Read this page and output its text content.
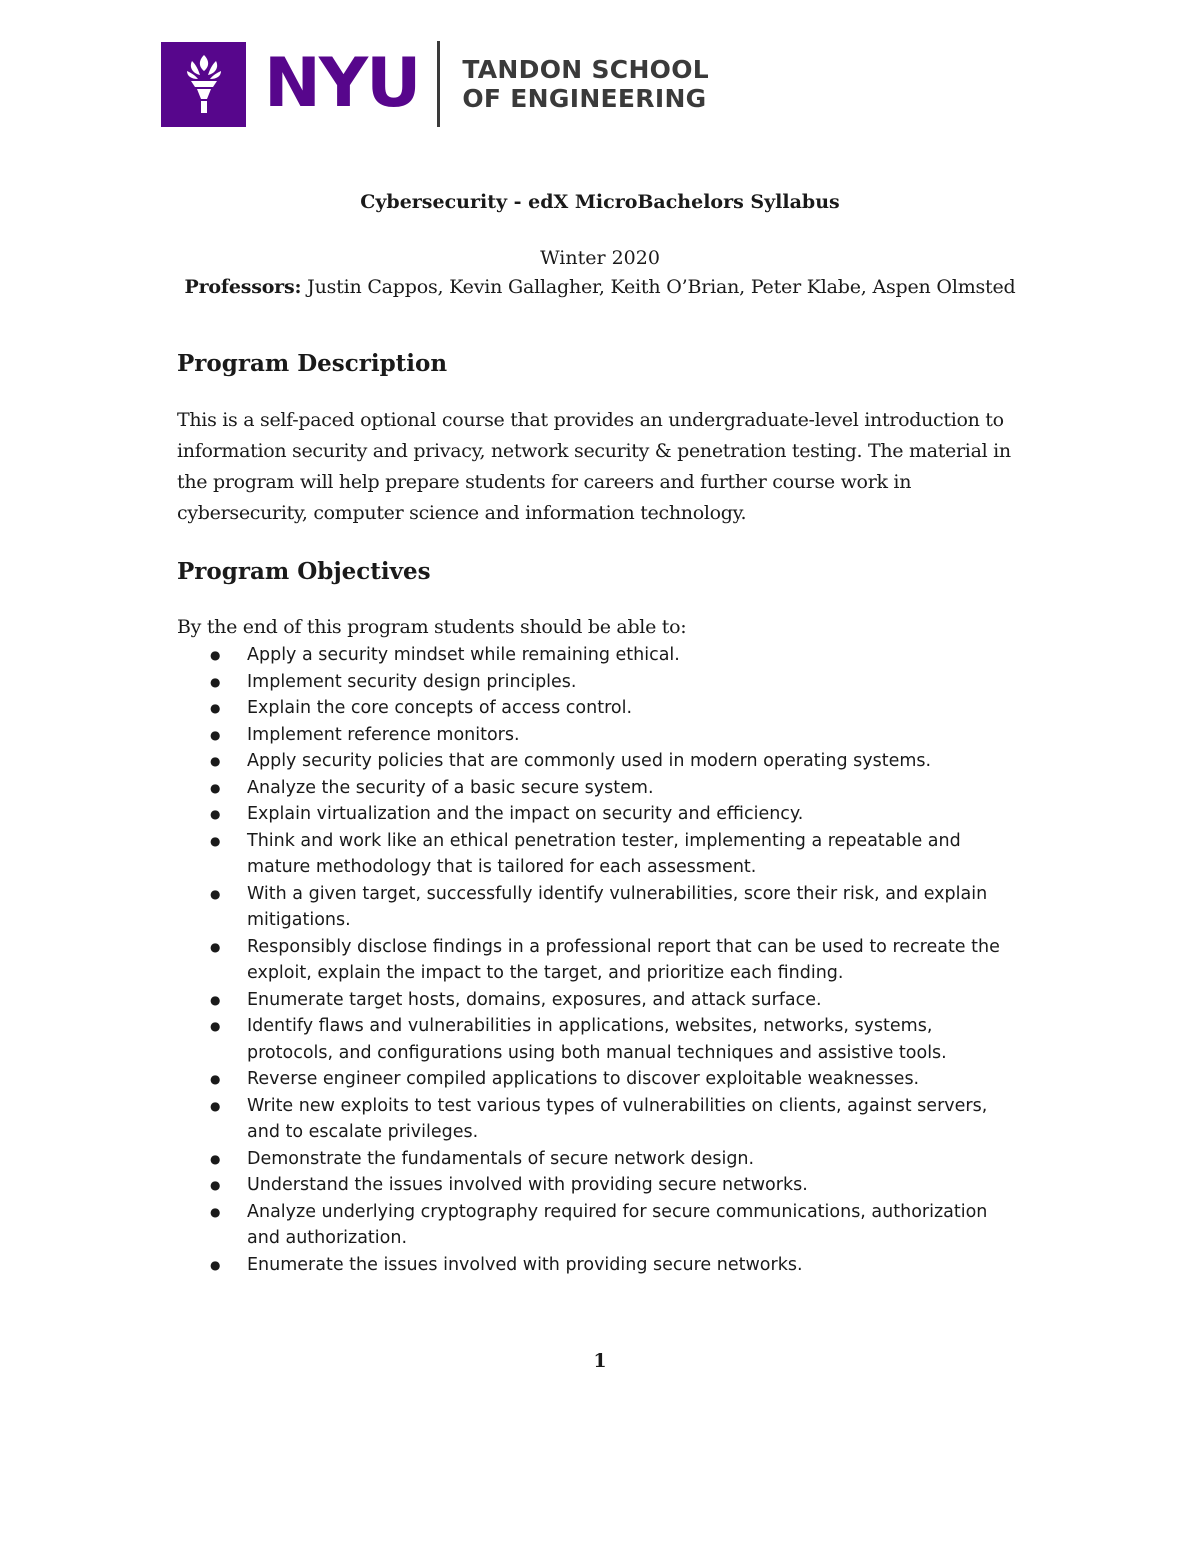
NYU TANDON SCHOOL
OF ENGINEERING
Cybersecurity - edX MicroBachelors Syllabus
Winter 2020
Professors: Justin Cappos, Kevin Gallagher, Keith O’Brian, Peter Klabe, Aspen Olmsted
Program Description
This is a self-paced optional course that provides an undergraduate-level introduction to information security and privacy, network security & penetration testing. The material in the program will help prepare students for careers and further course work in cybersecurity, computer science and information technology.
Program Objectives
By the end of this program students should be able to:
● Apply a security mindset while remaining ethical.
● Implement security design principles.
● Explain the core concepts of access control.
● Implement reference monitors.
● Apply security policies that are commonly used in modern operating systems.
● Analyze the security of a basic secure system.
● Explain virtualization and the impact on security and efficiency.
● Think and work like an ethical penetration tester, implementing a repeatable and mature methodology that is tailored for each assessment.
● With a given target, successfully identify vulnerabilities, score their risk, and explain mitigations.
● Responsibly disclose findings in a professional report that can be used to recreate the exploit, explain the impact to the target, and prioritize each finding.
● Enumerate target hosts, domains, exposures, and attack surface.
● Identify flaws and vulnerabilities in applications, websites, networks, systems, protocols, and configurations using both manual techniques and assistive tools.
● Reverse engineer compiled applications to discover exploitable weaknesses.
● Write new exploits to test various types of vulnerabilities on clients, against servers, and to escalate privileges.
● Demonstrate the fundamentals of secure network design.
● Understand the issues involved with providing secure networks.
● Analyze underlying cryptography required for secure communications, authorization and authorization.
● Enumerate the issues involved with providing secure networks.
1
